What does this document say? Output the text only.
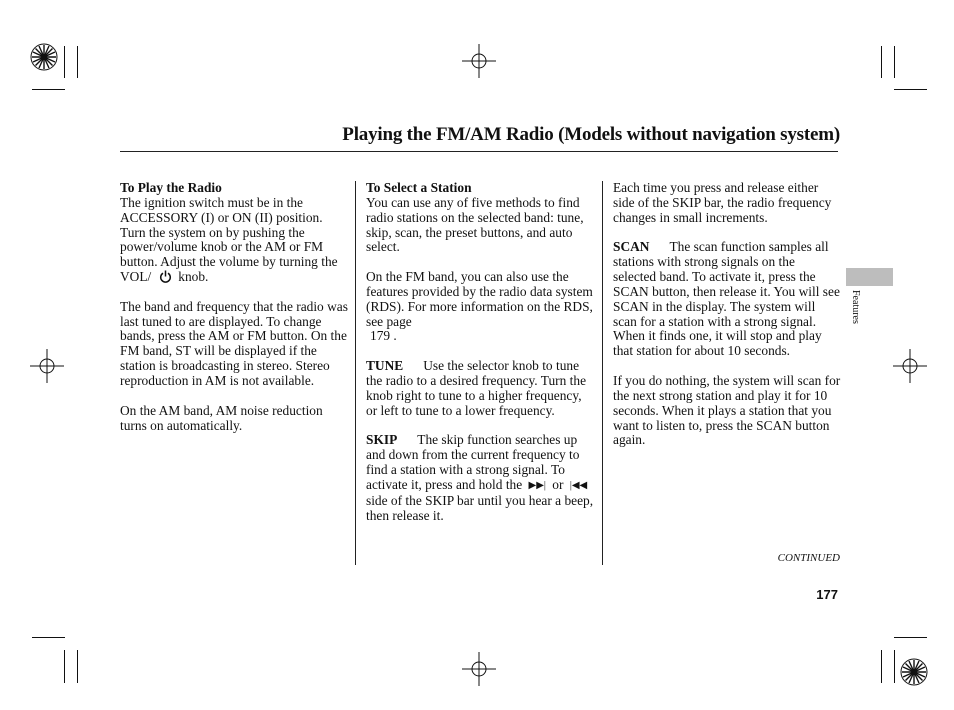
Playing the FM/AM Radio (Models without navigation system)
To Play the Radio

The ignition switch must be in the ACCESSORY (I) or ON (II) position. Turn the system on by pushing the power/volume knob or the AM or FM button. Adjust the volume by turning the VOL/ knob.

The band and frequency that the radio was last tuned to are displayed. To change bands, press the AM or FM button. On the FM band, ST will be displayed if the station is broadcasting in stereo. Stereo reproduction in AM is not available.

On the AM band, AM noise reduction turns on automatically.

To Select a Station

You can use any of five methods to find radio stations on the selected band: tune, skip, scan, the preset buttons, and auto select.

On the FM band, you can also use the features provided by the radio data system (RDS). For more information on the RDS, see page
179 .

TUNE Use the selector knob to tune the radio to a desired frequency. Turn the knob right to tune to a higher frequency, or left to tune to a lower frequency.

SKIP The skip function searches up and down from the current frequency to find a station with a strong signal. To activate it, press and hold the ▶▶| or |◀◀ side of the SKIP bar until you hear a beep, then release it.

Each time you press and release either side of the SKIP bar, the radio frequency changes in small increments.

SCAN The scan function samples all stations with strong signals on the selected band. To activate it, press the SCAN button, then release it. You will see SCAN in the display. The system will scan for a station with a strong signal. When it finds one, it will stop and play that station for about 10 seconds.

If you do nothing, the system will scan for the next strong station and play it for 10 seconds. When it plays a station that you want to listen to, press the SCAN button again.

Features
CONTINUED
177
